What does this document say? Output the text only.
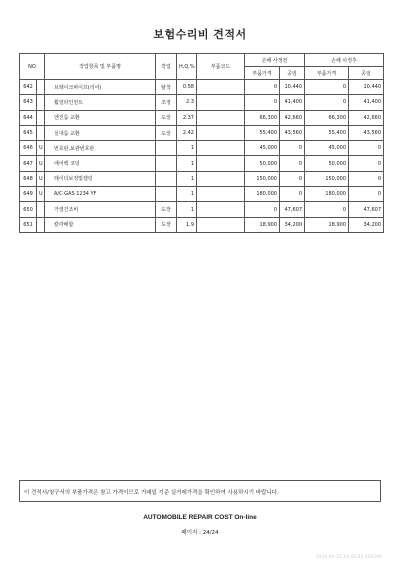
보험수리비 견적서
NO		작업항목 및 부품명	작업	H,Q,%	부품코드	손해 사정전		손해 사정후	
						부품가격	공임	부품가격	공임
642		브레이크파이프(리어)	탈착	0.58		0	10,440	0	10,440
643		휠얼라인먼트	조정	2.3		0	41,400	0	41,400
644		엔진룸 교환	도장	2.37		66,300	42,660	66,300	42,660
645		실내룸 교환	도장	2.42		55,400	43,560	55,400	43,560
646	U	번호판,보관번호판		1		45,000	0	45,000	0
647	U	에어백 코딩		1		50,000	0	50,000	0
648	U	레이더보정및캘링		1		150,000	0	150,000	0
649	U	A/C GAS 1234 YF		1		180,000	0	180,000	0
650		가열건조비	도장	1		0	47,607	0	47,607
651		칼라배합	도장	1.9		18,900	34,200	18,900	34,200
이 견적서/청구서의 부품가격은 참고 가격이므로 거래일 기준 실거래가격을 확인하여 사용하시기 바랍니다.
AUTOMOBILE REPAIR COST On-line
페이지 : 24/24
2024-06-12 14:05:33 400290
